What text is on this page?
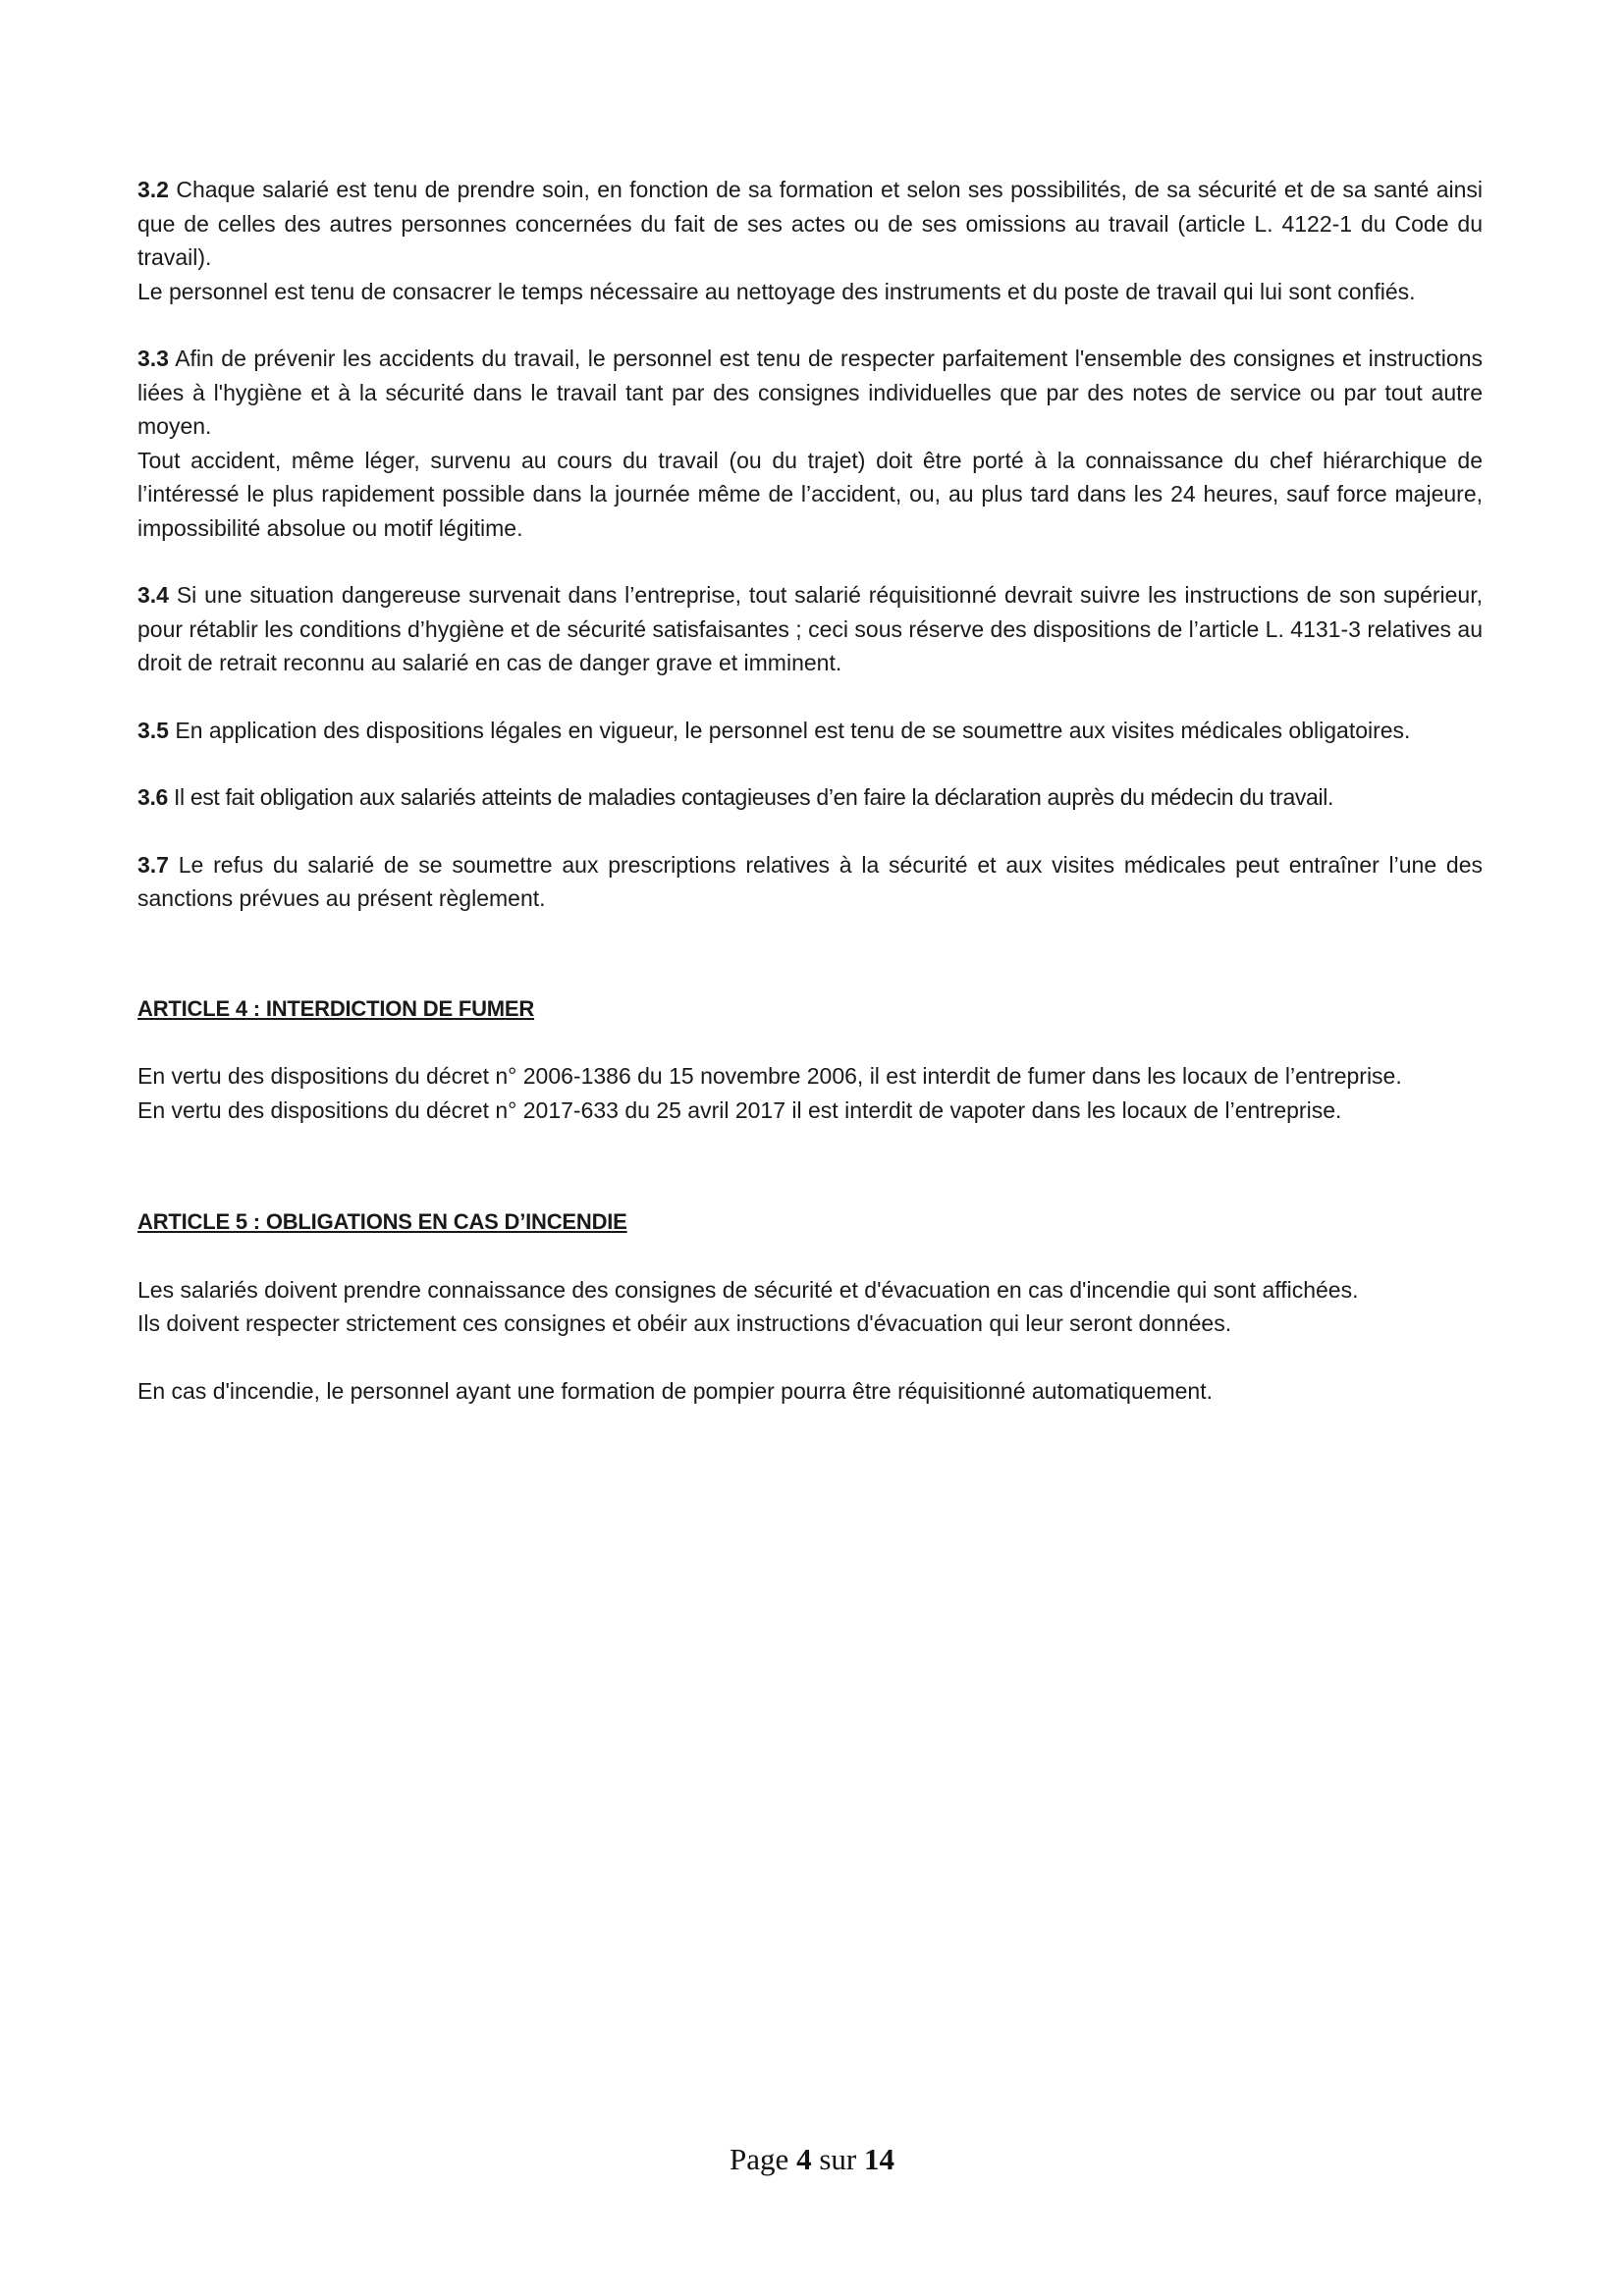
3.2 Chaque salarié est tenu de prendre soin, en fonction de sa formation et selon ses possibilités, de sa sécurité et de sa santé ainsi que de celles des autres personnes concernées du fait de ses actes ou de ses omissions au travail (article L. 4122-1 du Code du travail).

Le personnel est tenu de consacrer le temps nécessaire au nettoyage des instruments et du poste de travail qui lui sont confiés.

3.3 Afin de prévenir les accidents du travail, le personnel est tenu de respecter parfaitement l'ensemble des consignes et instructions liées à l'hygiène et à la sécurité dans le travail tant par des consignes individuelles que par des notes de service ou par tout autre moyen.

Tout accident, même léger, survenu au cours du travail (ou du trajet) doit être porté à la connaissance du chef hiérarchique de l’intéressé le plus rapidement possible dans la journée même de l’accident, ou, au plus tard dans les 24 heures, sauf force majeure, impossibilité absolue ou motif légitime.

3.4 Si une situation dangereuse survenait dans l’entreprise, tout salarié réquisitionné devrait suivre les instructions de son supérieur, pour rétablir les conditions d’hygiène et de sécurité satisfaisantes ; ceci sous réserve des dispositions de l’article L. 4131-3 relatives au droit de retrait reconnu au salarié en cas de danger grave et imminent.

3.5 En application des dispositions légales en vigueur, le personnel est tenu de se soumettre aux visites médicales obligatoires.

3.6 Il est fait obligation aux salariés atteints de maladies contagieuses d’en faire la déclaration auprès du médecin du travail.

3.7 Le refus du salarié de se soumettre aux prescriptions relatives à la sécurité et aux visites médicales peut entraîner l’une des sanctions prévues au présent règlement.

ARTICLE 4 : INTERDICTION DE FUMER

En vertu des dispositions du décret n° 2006-1386 du 15 novembre 2006, il est interdit de fumer dans les locaux de l’entreprise.

En vertu des dispositions du décret n° 2017-633 du 25 avril 2017 il est interdit de vapoter dans les locaux de l’entreprise.

ARTICLE 5 : OBLIGATIONS EN CAS D’INCENDIE

Les salariés doivent prendre connaissance des consignes de sécurité et d'évacuation en cas d'incendie qui sont affichées.

Ils doivent respecter strictement ces consignes et obéir aux instructions d'évacuation qui leur seront données.

En cas d'incendie, le personnel ayant une formation de pompier pourra être réquisitionné automatiquement.

Page 4 sur 14
